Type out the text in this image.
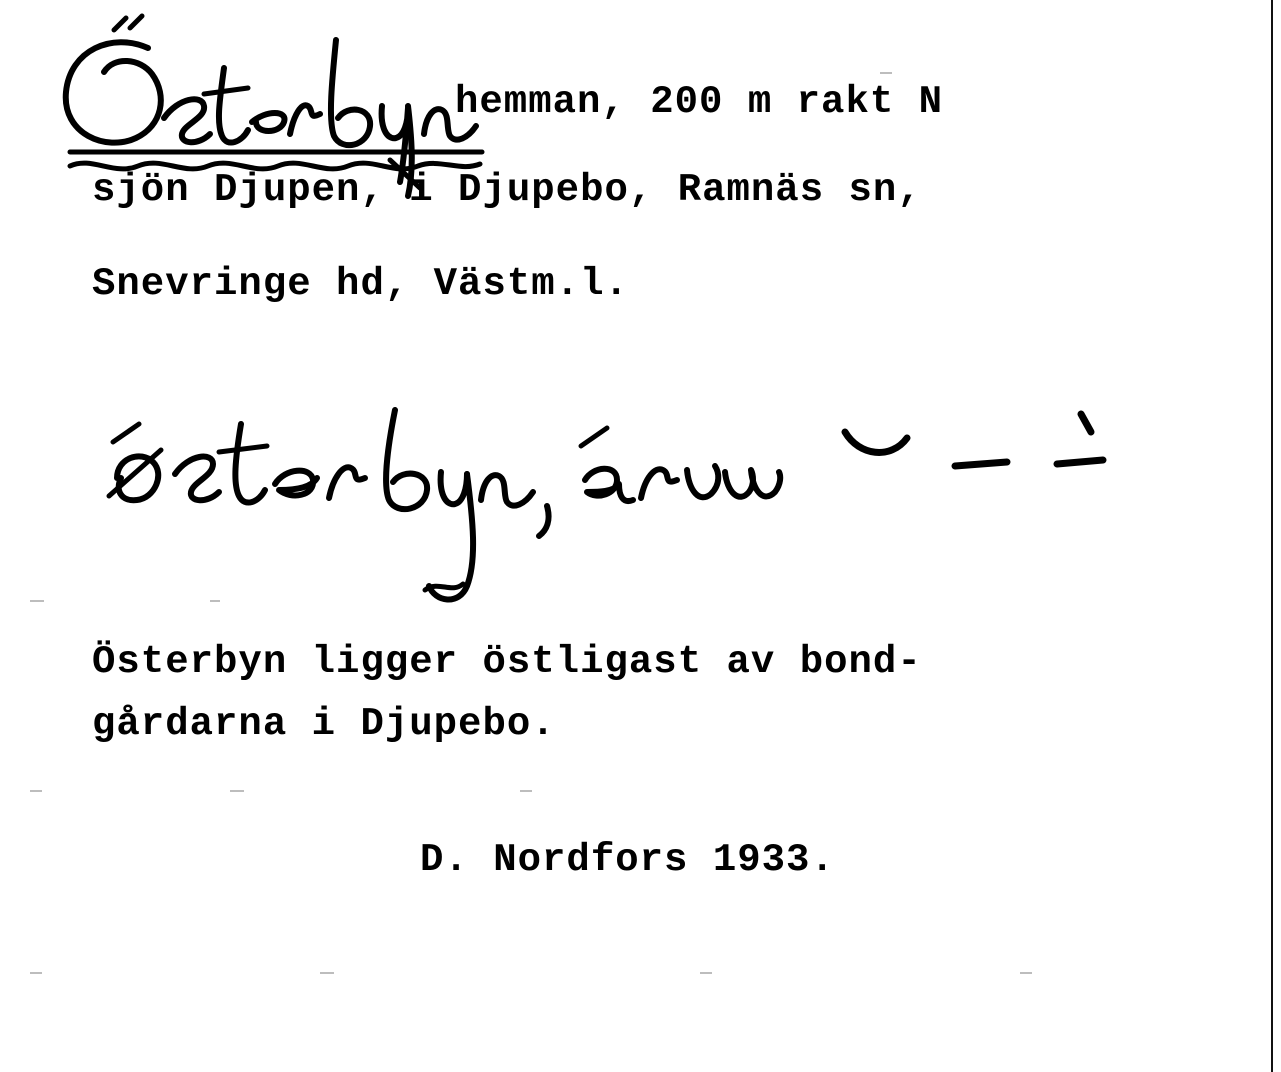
hemman, 200 m rakt N
sjön Djupen, i Djupebo, Ramnäs sn,
Snevringe hd, Västm.l.
Österbyn ligger östligast av bond-
gårdarna i Djupebo.
D. Nordfors 1933.
